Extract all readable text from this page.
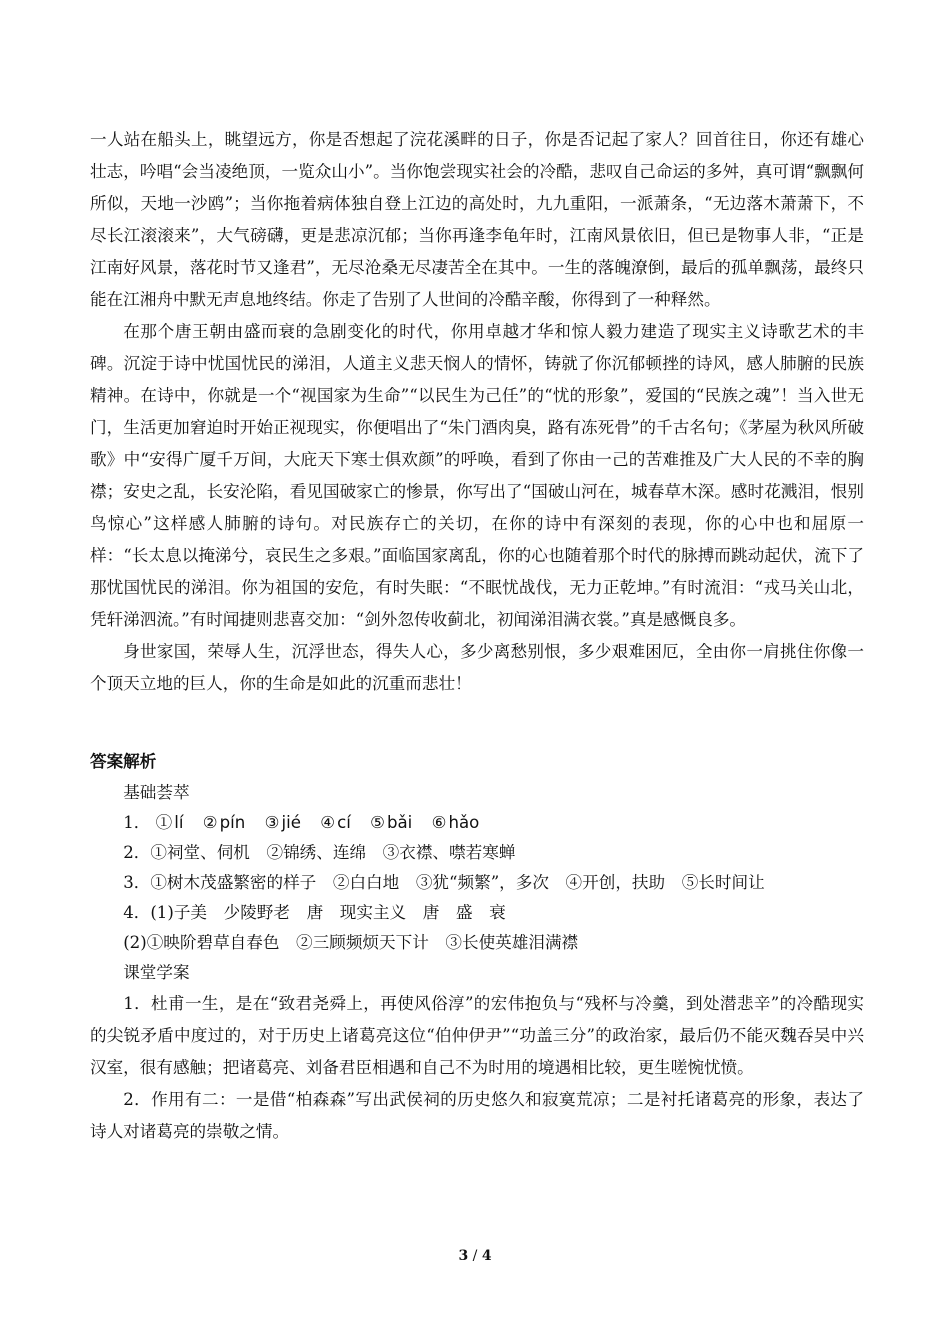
一人站在船头上，眺望远方，你是否想起了浣花溪畔的日子，你是否记起了家人？回首往日，你还有雄心壮志，吟唱“会当凌绝顶，一览众山小”。当你饱尝现实社会的冷酷，悲叹自己命运的多舛，真可谓“飘飘何所似，天地一沙鸥”；当你拖着病体独自登上江边的高处时，九九重阳，一派萧条，“无边落木萧萧下，不尽长江滚滚来”，大气磅礴，更是悲凉沉郁；当你再逢李龟年时，江南风景依旧，但已是物事人非，“正是江南好风景，落花时节又逢君”，无尽沧桑无尽凄苦全在其中。一生的落魄潦倒，最后的孤单飘荡，最终只能在江湘舟中默无声息地终结。你走了告别了人世间的冷酷辛酸，你得到了一种释然。

在那个唐王朝由盛而衰的急剧变化的时代，你用卓越才华和惊人毅力建造了现实主义诗歌艺术的丰碑。沉淀于诗中忧国忧民的涕泪，人道主义悲天悯人的情怀，铸就了你沉郁顿挫的诗风，感人肺腑的民族精神。在诗中，你就是一个“视国家为生命”“以民生为己任”的“忧的形象”，爱国的“民族之魂”！当入世无门，生活更加窘迫时开始正视现实，你便唱出了“朱门酒肉臭，路有冻死骨”的千古名句；《茅屋为秋风所破歌》中“安得广厦千万间，大庇天下寒士俱欢颜”的呼唤，看到了你由一己的苦难推及广大人民的不幸的胸襟；安史之乱，长安沦陷，看见国破家亡的惨景，你写出了“国破山河在，城春草木深。感时花溅泪，恨别鸟惊心”这样感人肺腑的诗句。对民族存亡的关切，在你的诗中有深刻的表现，你的心中也和屈原一样：“长太息以掩涕兮，哀民生之多艰。”面临国家离乱，你的心也随着那个时代的脉搏而跳动起伏，流下了那忧国忧民的涕泪。你为祖国的安危，有时失眠：“不眠忧战伐，无力正乾坤。”有时流泪：“戎马关山北，凭轩涕泗流。”有时闻捷则悲喜交加：“剑外忽传收蓟北，初闻涕泪满衣裳。”真是感慨良多。

身世家国，荣辱人生，沉浮世态，得失人心，多少离愁别恨，多少艰难困厄，全由你一肩挑住你像一个顶天立地的巨人，你的生命是如此的沉重而悲壮！

答案解析

基础荟萃

1． ① lí ② pín ③ jié ④ cí ⑤ bǎi ⑥ hǎo

2．①祠堂、伺机　②锦绣、连绵　③衣襟、噤若寒蝉

3．①树木茂盛繁密的样子　②白白地　③犹“频繁”，多次　④开创，扶助　⑤长时间让

4．(1)子美　少陵野老　唐　现实主义　唐　盛　衰

(2)①映阶碧草自春色　②三顾频烦天下计　③长使英雄泪满襟

课堂学案

1．杜甫一生，是在“致君尧舜上，再使风俗淳”的宏伟抱负与“残杯与冷羹，到处潜悲辛”的冷酷现实的尖锐矛盾中度过的，对于历史上诸葛亮这位“伯仲伊尹”“功盖三分”的政治家，最后仍不能灭魏吞吴中兴汉室，很有感触；把诸葛亮、刘备君臣相遇和自己不为时用的境遇相比较，更生嗟惋忧愤。

2．作用有二：一是借“柏森森”写出武侯祠的历史悠久和寂寞荒凉；二是衬托诸葛亮的形象，表达了诗人对诸葛亮的崇敬之情。

3 / 4
